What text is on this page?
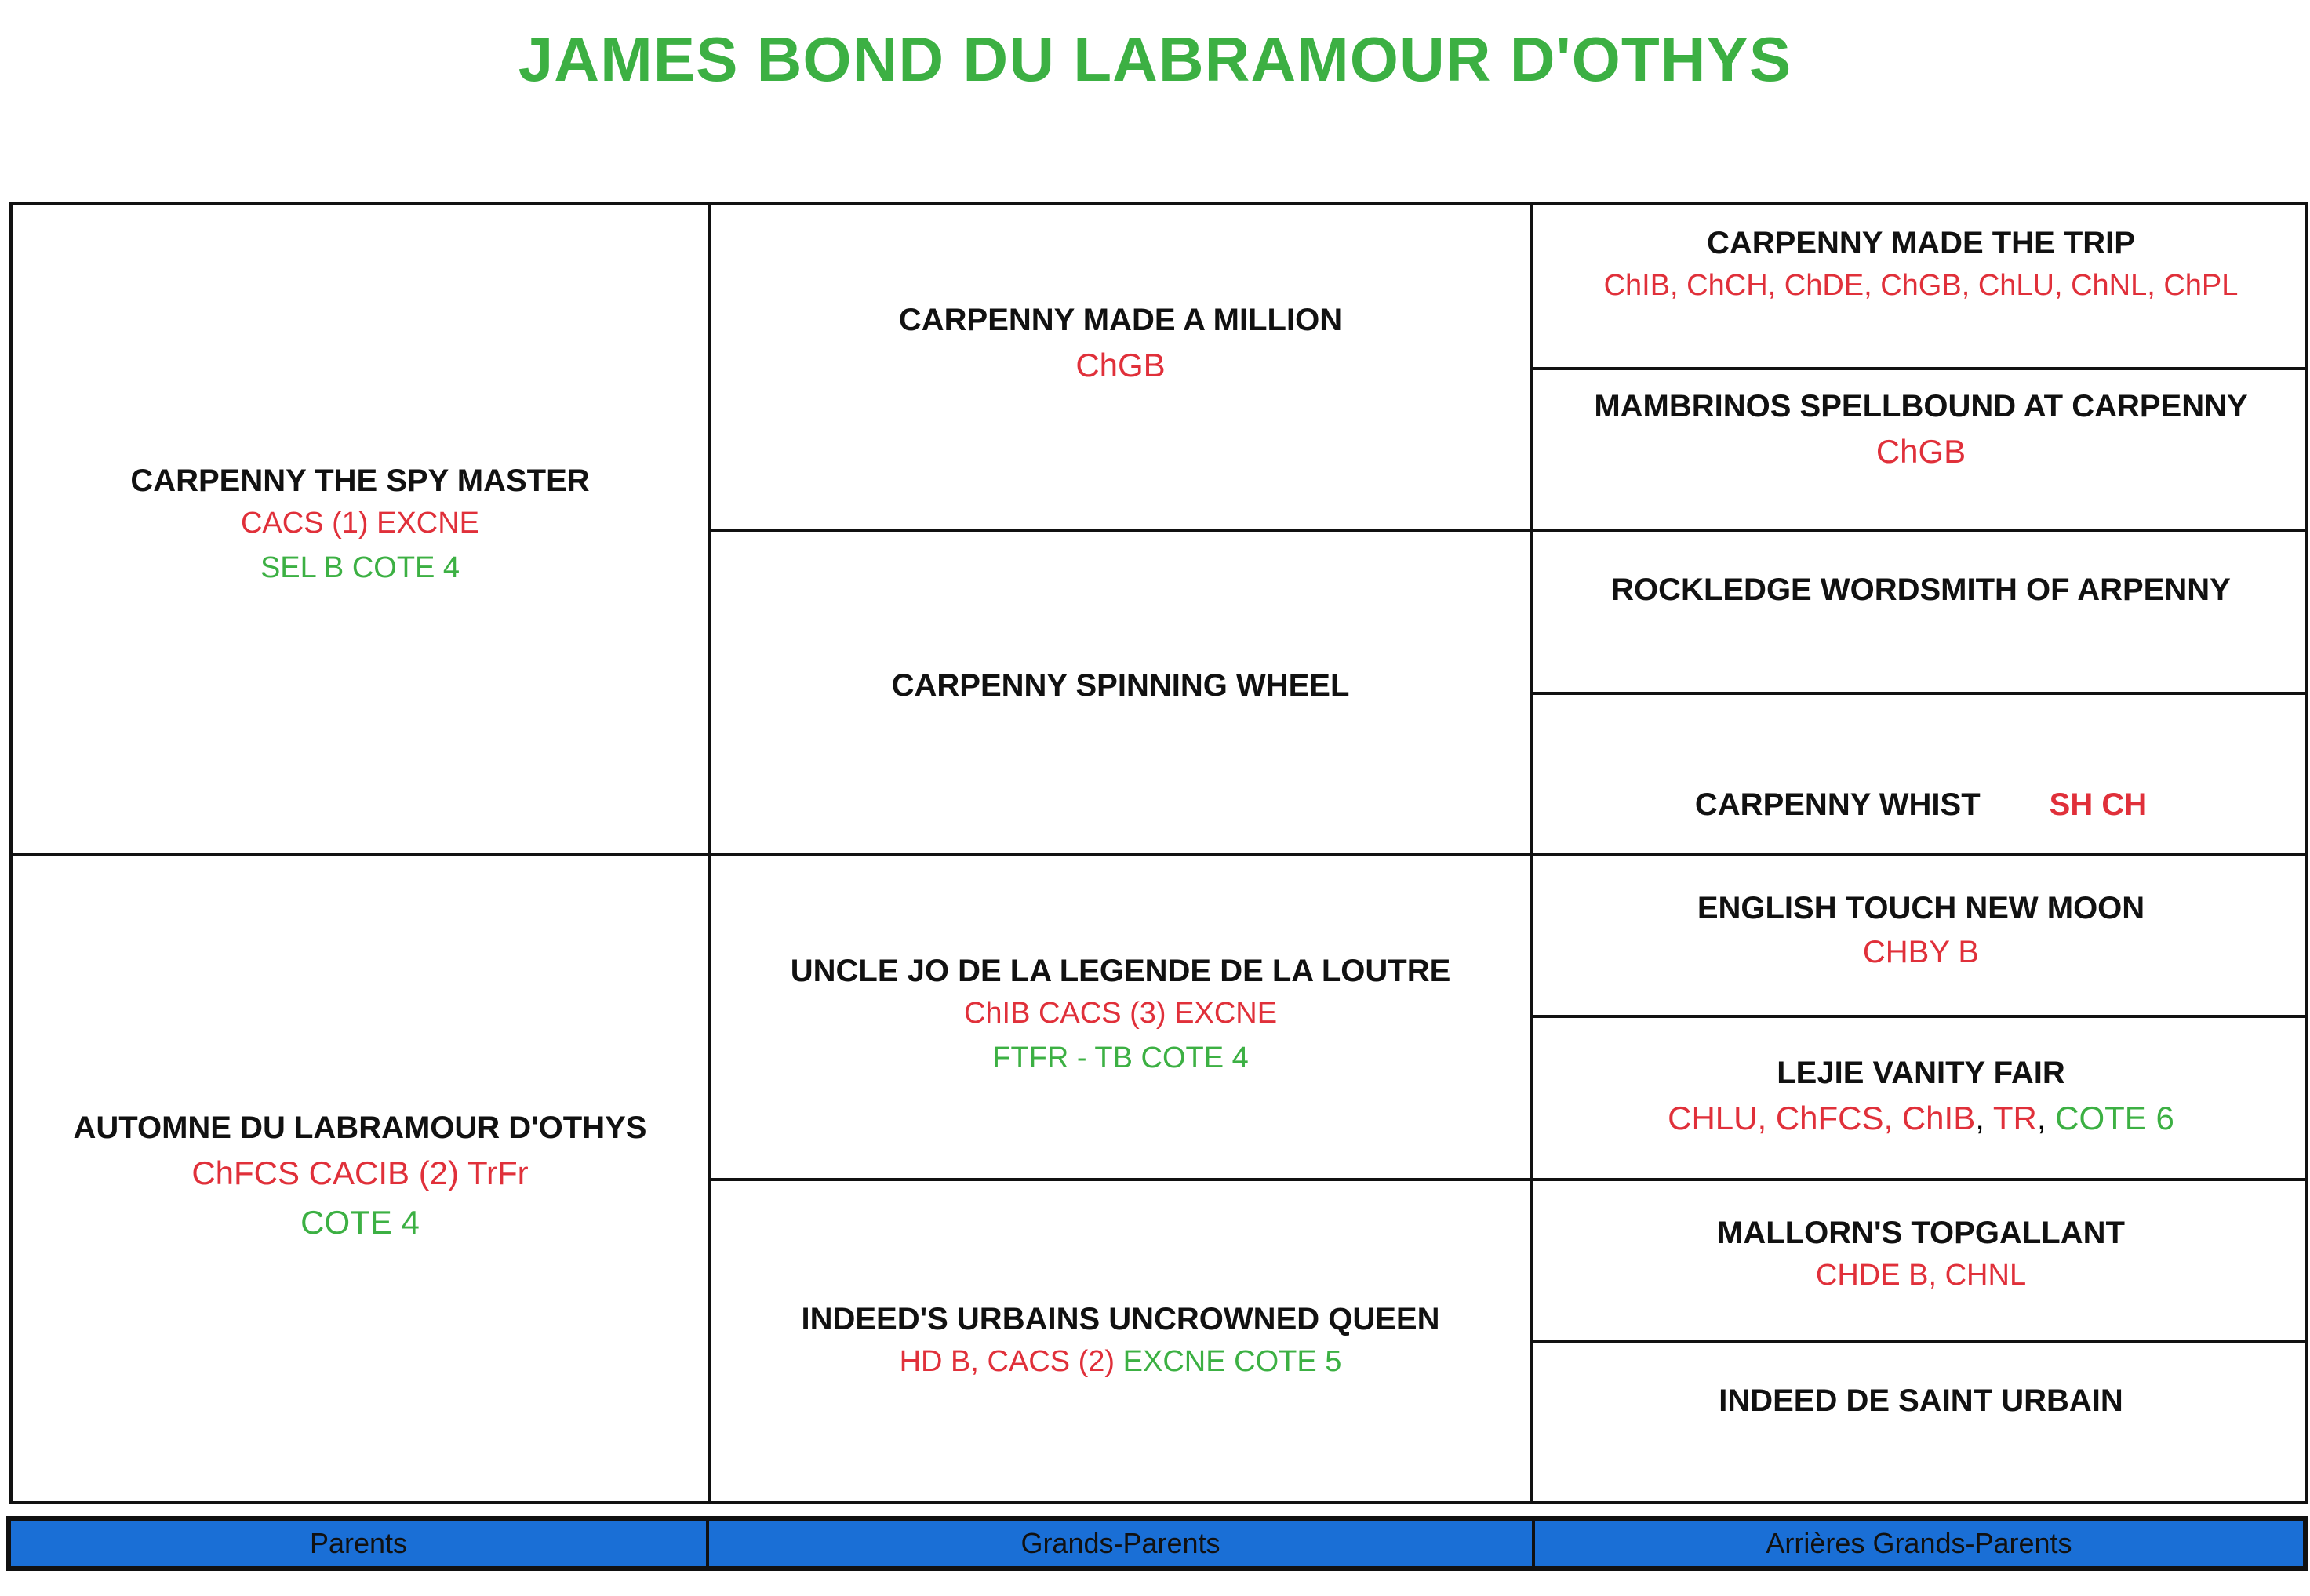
JAMES BOND DU LABRAMOUR D'OTHYS
CARPENNY THE SPY MASTER
CACS (1) EXCNE
SEL B COTE 4
AUTOMNE DU LABRAMOUR D'OTHYS
ChFCS CACIB (2) TrFr
COTE 4
CARPENNY MADE A MILLION
ChGB
CARPENNY SPINNING WHEEL
UNCLE JO DE LA LEGENDE DE LA LOUTRE
ChIB CACS (3) EXCNE
FTFR - TB COTE 4
INDEED'S URBAINS UNCROWNED QUEEN
HD B, CACS (2) EXCNE COTE 5
CARPENNY MADE THE TRIP
ChIB, ChCH, ChDE, ChGB, ChLU, ChNL, ChPL
MAMBRINOS SPELLBOUND AT CARPENNY
ChGB
ROCKLEDGE WORDSMITH OF ARPENNY
CARPENNY WHIST SH CH
ENGLISH TOUCH NEW MOON
CHBY B
LEJIE VANITY FAIR
CHLU, ChFCS, ChIB, TR, COTE 6
MALLORN'S TOPGALLANT
CHDE B, CHNL
INDEED DE SAINT URBAIN
Parents	Grands-Parents	Arrières Grands-Parents
